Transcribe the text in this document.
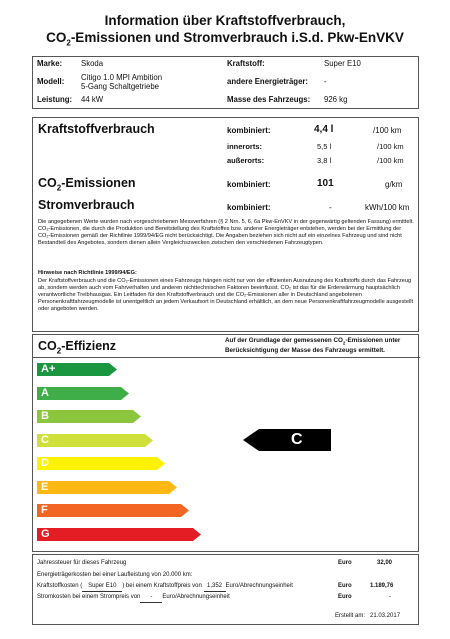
Information über Kraftstoffverbrauch,
$CO_2$-Emissionen und Stromverbrauch i.S.d. Pkw-EnVKV
Marke: Skoda
Modell: Citigo 1.0 MPI Ambition
5-Gang Schaltgetriebe
Leistung: 44 kW
Kraftstoff:	Super E10
andere Energieträger: -
Masse des Fahrzeugs: 926 kg
Kraftstoffverbrauch	kombiniert:	4,4 l	/100 km
innerorts:	5,5 l	/100 km
außerorts:	3,8 l	/100 km
$CO_2$-Emissionen	kombiniert:	101	g/km
Stromverbrauch	kombiniert:	-	kWh/100 km
Die angegebenen Werte wurden nach vorgeschriebenen Messverfahren (§ 2 Nrn. 5, 6, 6a Pkw-EnVKV in der gegenwärtig geltenden Fassung) ermittelt. CO₂-Emissionen, die durch die Produktion und Bereitstellung des Kraftstoffes bzw. anderer Energieträger entstehen, werden bei der Ermittlung der CO₂-Emissionen gemäß der Richtlinie 1999/94/EG nicht berücksichtigt. Die Angaben beziehen sich nicht auf ein einzelnes Fahrzeug und sind nicht Bestandteil des Angebotes, sondern dienen allein Vergleichszwecken zwischen den verschiedenen Fahrzeugtypen.
Hinweise nach Richtlinie 1999/94/EG:
Der Kraftstoffverbrauch und die CO₂-Emissionen eines Fahrzeugs hängen nicht nur von der effizienten Ausnutzung des Kraftstoffs durch das Fahrzeug ab, sondern werden auch vom Fahrverhalten und anderen nichttechnischen Faktoren beeinflusst. CO₂ ist das für die Erderwärmung hauptsächlich verantwortliche Treibhausgas. Ein Leitfaden für den Kraftstoffverbrauch und die CO₂-Emissionen aller in Deutschland angebotenen Personenkraftfahrzeugmodelle ist unentgeltlich an jedem Verkaufsort in Deutschland erhältlich, an dem neue Personenkraftfahrzeugmodelle ausgestellt oder angeboten werden.
$CO_2$-Effizienz	Auf der Grundlage der gemessenen $CO_2$-Emissionen unter
Berücksichtigung der Masse des Fahrzeugs ermittelt.
A+
A
B
C
D
E
F
G
C
Jahressteuer für dieses Fahrzeug	Euro	32,00
Energieträgerkosten bei einer Laufleistung von 20.000 km:
Kraftstoffkosten ( Super E10 ) bei einem Kraftstoffpreis von 1,352 Euro/Abrechnungseinheit	Euro	1.189,76
Stromkosten bei einem Strompreis von - Euro/Abrechnungseinheit	Euro	-
Erstellt am: 21.03.2017
